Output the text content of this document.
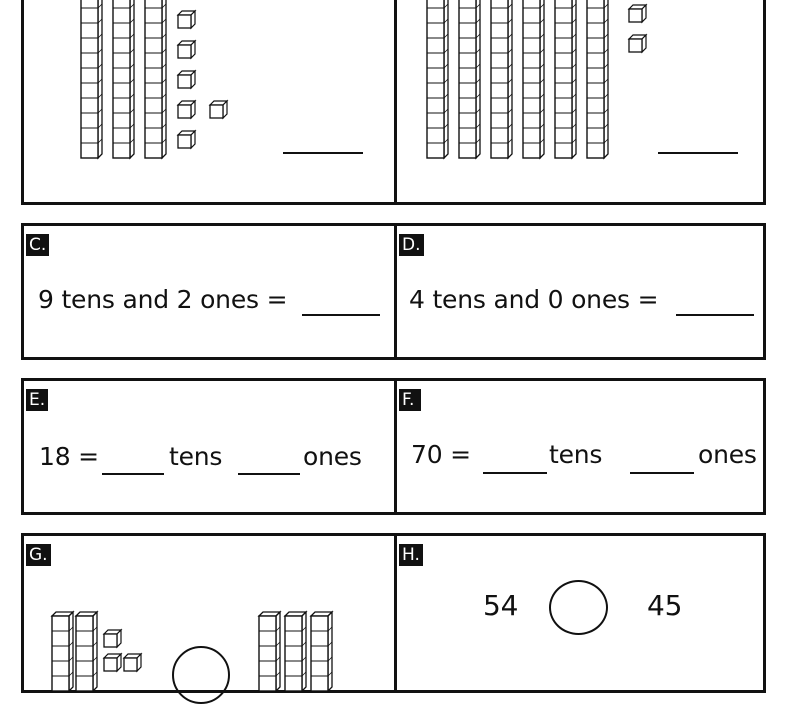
C.
9 tens and 2 ones =
D.
4 tens and 0 ones =
E.
18 =	tens	ones
F.
70 =	tens	ones
G.	H.
54	45
